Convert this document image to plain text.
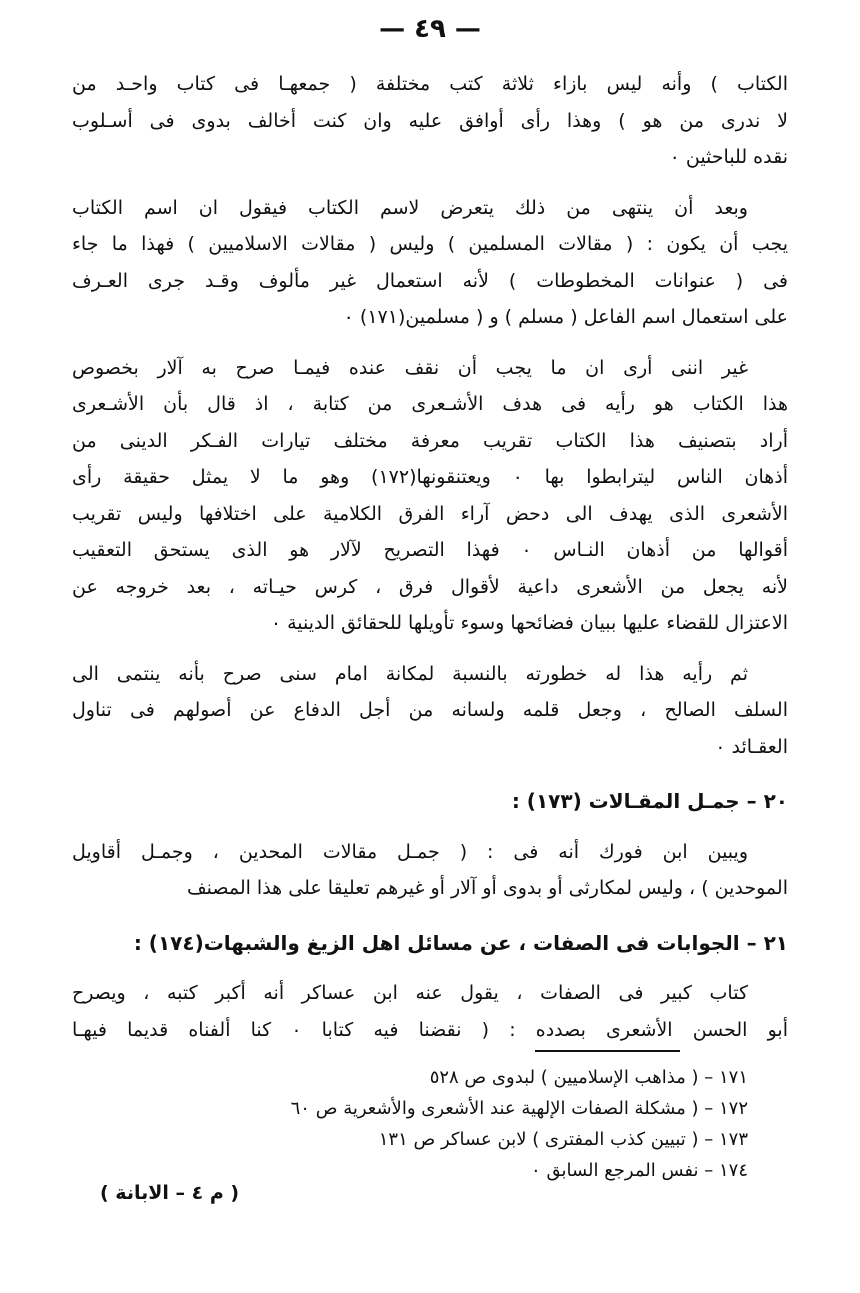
— ٤٩ —

الكتاب ) وأنه ليس بازاء ثلاثة كتب مختلفة ( جمعهـا فى كتاب واحـد من
لا ندرى من هو ) وهذا رأى أوافق عليه وان كنت أخالف بدوى فى أسـلوب
نقده للباحثين ٠

وبعد أن ينتهى من ذلك يتعرض لاسم الكتاب فيقول ان اسم الكتاب
يجب أن يكون : ( مقالات المسلمين ) وليس ( مقالات الاسلاميين ) فهذا ما جاء
فى ( عنوانات المخطوطات ) لأنه استعمال غير مألوف وقـد جرى العـرف
على استعمال اسم الفاعل ( مسلم ) و ( مسلمين(١٧١) ٠

غير اننى أرى ان ما يجب أن نقف عنده فيمـا صرح به آلار بخصوص
هذا الكتاب هو رأيه فى هدف الأشـعرى من كتابة ، اذ قال بأن الأشـعرى
أراد بتصنيف هذا الكتاب تقريب معرفة مختلف تيارات الفـكر الدينى من
أذهان الناس ليترابطوا بها ٠ ويعتنقونها(١٧٢) وهو ما لا يمثل حقيقة رأى
الأشعرى الذى يهدف الى دحض آراء الفرق الكلامية على اختلافها وليس تقريب
أقوالها من أذهان النـاس ٠ فهذا التصريح لآلار هو الذى يستحق التعقيب
لأنه يجعل من الأشعرى داعية لأقوال فرق ، كرس حيـاته ، بعد خروجه عن
الاعتزال للقضاء عليها ببيان فضائحها وسوء تأويلها للحقائق الدينية ٠

ثم رأيه هذا له خطورته بالنسبة لمكانة امام سنى صرح بأنه ينتمى الى
السلف الصالح ، وجعل قلمه ولسانه من أجل الدفاع عن أصولهم فى تناول
العقـائد ٠

٢٠ – جمـل المقـالات (١٧٣) :

ويبين ابن فورك أنه فى : ( جمـل مقالات المحدين ، وجمـل أقاويل
الموحدين ) ، وليس لمكارثى أو بدوى أو آلار أو غيرهم تعليقا على هذا المصنف

٢١ – الجوابات فى الصفات ، عن مسائل اهل الزيغ والشبهات(١٧٤) :

كتاب كبير فى الصفات ، يقول عنه ابن عساكر أنه أكبر كتبه ، ويصرح
أبو الحسن الأشعرى بصدده : ( نقضنا فيه كتابا ٠ كنا ألفناه قديما فيهـا

١٧١ – ( مذاهب الإسلاميين ) لبدوى ص ٥٢٨
١٧٢ – ( مشكلة الصفات الإلهية عند الأشعرى والأشعرية ص ٦٠
١٧٣ – ( تبيين كذب المفترى ) لابن عساكر ص ١٣١
١٧٤ – نفس المرجع السابق ٠
( م ٤ – الابانة )
